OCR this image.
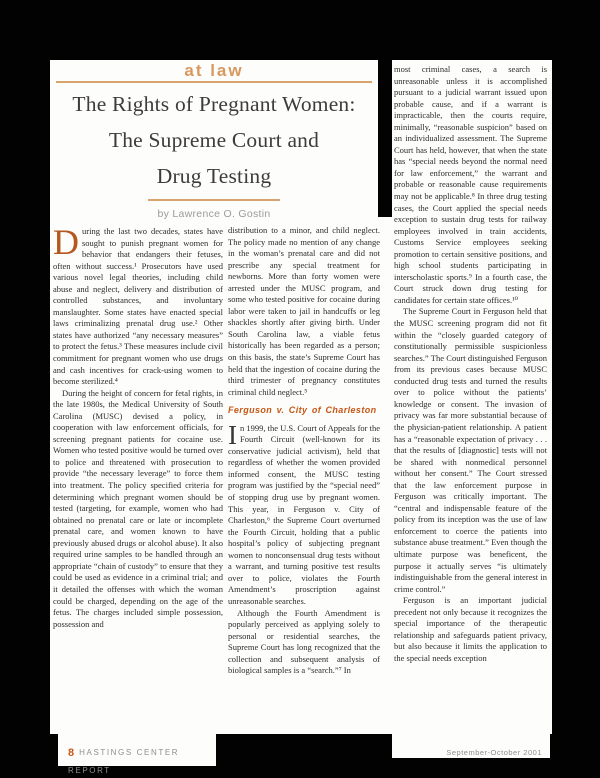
at law
The Rights of Pregnant Women:
The Supreme Court and
Drug Testing
by Lawrence O. Gostin

During the last two decades, states have sought to punish pregnant women for behavior that endangers their fetuses, often without success.¹ Prosecutors have used various novel legal theories, including child abuse and neglect, delivery and distribution of controlled substances, and involuntary manslaughter. Some states have enacted special laws criminalizing prenatal drug use.² Other states have authorized “any necessary measures” to protect the fetus.³ These measures include civil commitment for pregnant women who use drugs and cash incentives for crack-using women to become sterilized.⁴

During the height of concern for fetal rights, in the late 1980s, the Medical University of South Carolina (MUSC) devised a policy, in cooperation with law enforcement officials, for screening pregnant patients for cocaine use. Women who tested positive would be turned over to police and threatened with prosecution to provide “the necessary leverage” to force them into treatment. The policy specified criteria for determining which pregnant women should be tested (targeting, for example, women who had obtained no prenatal care or late or incomplete prenatal care, and women known to have previously abused drugs or alcohol abuse). It also required urine samples to be handled through an appropriate “chain of custody” to ensure that they could be used as evidence in a criminal trial; and it detailed the offenses with which the woman could be charged, depending on the age of the fetus. The charges included simple possession, possession and

distribution to a minor, and child neglect. The policy made no mention of any change in the woman’s prenatal care and did not prescribe any special treatment for newborns. More than forty women were arrested under the MUSC program, and some who tested positive for cocaine during labor were taken to jail in handcuffs or leg shackles shortly after giving birth. Under South Carolina law, a viable fetus historically has been regarded as a person; on this basis, the state’s Supreme Court has held that the ingestion of cocaine during the third trimester of pregnancy constitutes criminal child neglect.⁵

Ferguson v. City of Charleston

In 1999, the U.S. Court of Appeals for the Fourth Circuit (well-known for its conservative judicial activism), held that regardless of whether the women provided informed consent, the MUSC testing program was justified by the “special need” of stopping drug use by pregnant women. This year, in Ferguson v. City of Charleston,⁶ the Supreme Court overturned the Fourth Circuit, holding that a public hospital’s policy of subjecting pregnant women to nonconsensual drug tests without a warrant, and turning positive test results over to police, violates the Fourth Amendment’s proscription against unreasonable searches.

Although the Fourth Amendment is popularly perceived as applying solely to personal or residential searches, the Supreme Court has long recognized that the collection and subsequent analysis of biological samples is a “search.”⁷ In

most criminal cases, a search is unreasonable unless it is accomplished pursuant to a judicial warrant issued upon probable cause, and if a warrant is impracticable, then the courts require, minimally, “reasonable suspicion” based on an individualized assessment. The Supreme Court has held, however, that when the state has “special needs beyond the normal need for law enforcement,” the warrant and probable or reasonable cause requirements may not be applicable.⁸ In three drug testing cases, the Court applied the special needs exception to sustain drug tests for railway employees involved in train accidents, Customs Service employees seeking promotion to certain sensitive positions, and high school students participating in interscholastic sports.⁹ In a fourth case, the Court struck down drug testing for candidates for certain state offices.¹⁰

The Supreme Court in Ferguson held that the MUSC screening program did not fit within the “closely guarded category of constitutionally permissible suspicionless searches.” The Court distinguished Ferguson from its previous cases because MUSC conducted drug tests and turned the results over to police without the patients’ knowledge or consent. The invasion of privacy was far more substantial because of the physician-patient relationship. A patient has a “reasonable expectation of privacy . . . that the results of [diagnostic] tests will not be shared with nonmedical personnel without her consent.” The Court stressed that the law enforcement purpose in Ferguson was critically important. The “central and indispensable feature of the policy from its inception was the use of law enforcement to coerce the patients into substance abuse treatment.” Even though the ultimate purpose was beneficent, the purpose it actually serves “is ultimately indistinguishable from the general interest in crime control.”

Ferguson is an important judicial precedent not only because it recognizes the special importance of the therapeutic relationship and safeguards patient privacy, but also because it limits the application to the special needs exception

8 HASTINGS CENTER REPORT
September-October 2001
